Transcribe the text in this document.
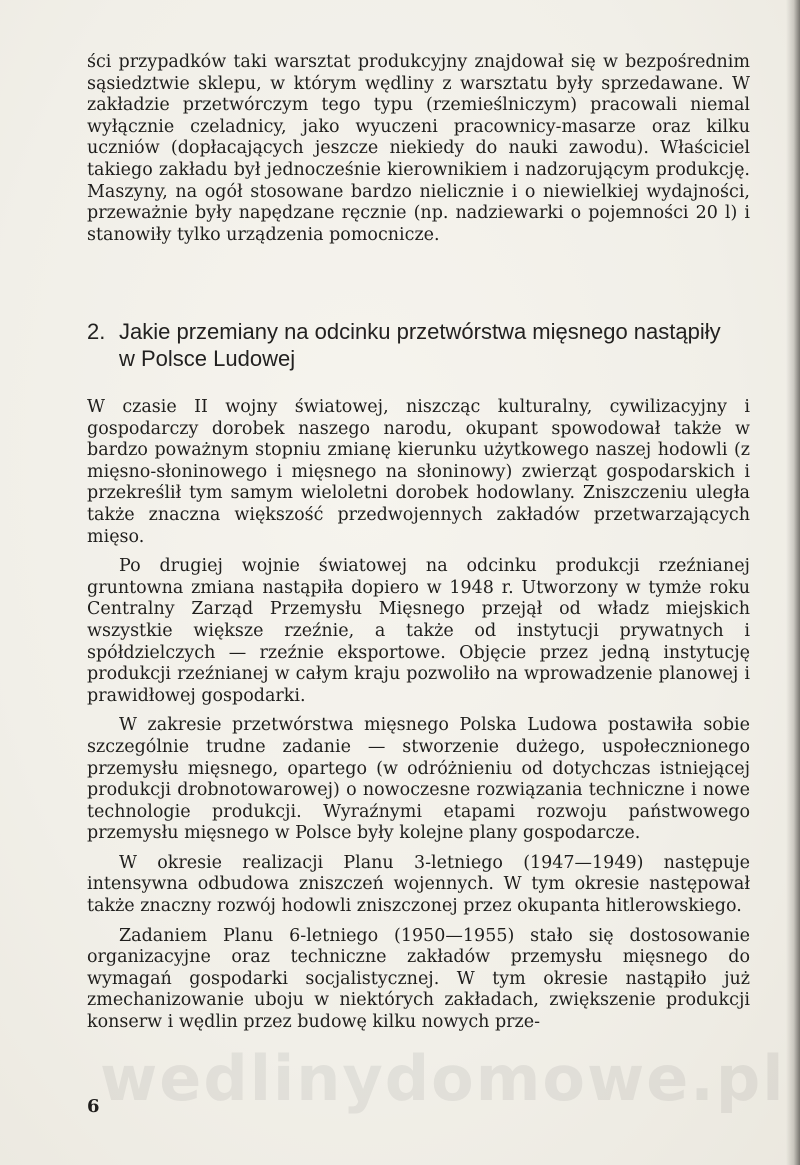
wedlinydomowe.pl

ści przypadków taki warsztat produkcyjny znajdował się w bezpośrednim sąsiedztwie sklepu, w którym wędliny z warsztatu były sprzedawane. W zakładzie przetwórczym tego typu (rzemieślniczym) pracowali niemal wyłącznie czeladnicy, jako wyuczeni pracownicy-masarze oraz kilku uczniów (dopłacających jeszcze niekiedy do nauki zawodu). Właściciel takiego zakładu był jednocześnie kierownikiem i nadzorującym produkcję. Maszyny, na ogół stosowane bardzo nielicznie i o niewielkiej wydajności, przeważnie były napędzane ręcznie (np. nadziewarki o pojemności 20 l) i stanowiły tylko urządzenia pomocnicze.

2. Jakie przemiany na odcinku przetwórstwa mięsnego nastąpiły w Polsce Ludowej

W czasie II wojny światowej, niszcząc kulturalny, cywilizacyjny i gospodarczy dorobek naszego narodu, okupant spowodował także w bardzo poważnym stopniu zmianę kierunku użytkowego naszej hodowli (z mięsno-słoninowego i mięsnego na słoninowy) zwierząt gospodarskich i przekreślił tym samym wieloletni dorobek hodowlany. Zniszczeniu uległa także znaczna większość przedwojennych zakładów przetwarzających mięso.

Po drugiej wojnie światowej na odcinku produkcji rzeźnianej gruntowna zmiana nastąpiła dopiero w 1948 r. Utworzony w tymże roku Centralny Zarząd Przemysłu Mięsnego przejął od władz miejskich wszystkie większe rzeźnie, a także od instytucji prywatnych i spółdzielczych — rzeźnie eksportowe. Objęcie przez jedną instytucję produkcji rzeźnianej w całym kraju pozwoliło na wprowadzenie planowej i prawidłowej gospodarki.

W zakresie przetwórstwa mięsnego Polska Ludowa postawiła sobie szczególnie trudne zadanie — stworzenie dużego, uspołecznionego przemysłu mięsnego, opartego (w odróżnieniu od dotychczas istniejącej produkcji drobnotowarowej) o nowoczesne rozwiązania techniczne i nowe technologie produkcji. Wyraźnymi etapami rozwoju państwowego przemysłu mięsnego w Polsce były kolejne plany gospodarcze.

W okresie realizacji Planu 3-letniego (1947—1949) następuje intensywna odbudowa zniszczeń wojennych. W tym okresie następował także znaczny rozwój hodowli zniszczonej przez okupanta hitlerowskiego.

Zadaniem Planu 6-letniego (1950—1955) stało się dostosowanie organizacyjne oraz techniczne zakładów przemysłu mięsnego do wymagań gospodarki socjalistycznej. W tym okresie nastąpiło już zmechanizowanie uboju w niektórych zakładach, zwiększenie produkcji konserw i wędlin przez budowę kilku nowych prze-

6
